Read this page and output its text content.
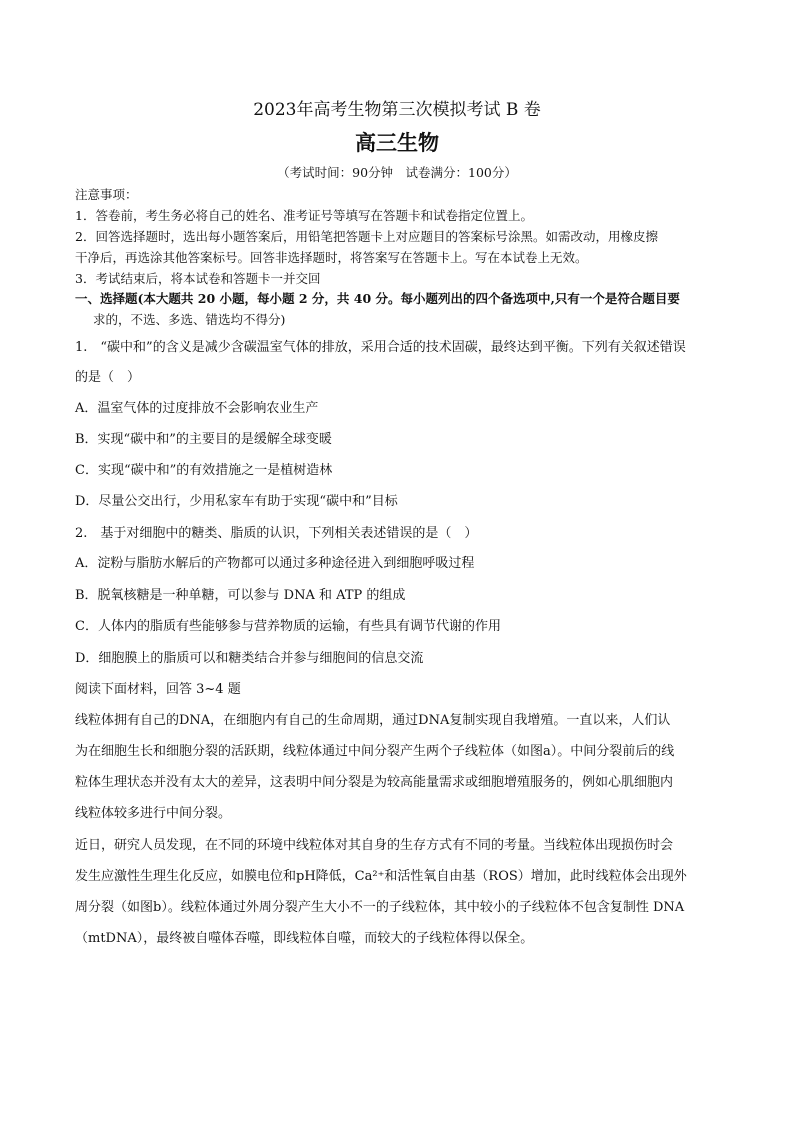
2023年高考生物第三次模拟考试 B 卷
高三生物
（考试时间：90分钟　试卷满分：100分）
注意事项：
1．答卷前，考生务必将自己的姓名、准考证号等填写在答题卡和试卷指定位置上。
2．回答选择题时，选出每小题答案后，用铅笔把答题卡上对应题目的答案标号涂黑。如需改动，用橡皮擦
干净后，再选涂其他答案标号。回答非选择题时，将答案写在答题卡上。写在本试卷上无效。
3．考试结束后，将本试卷和答题卡一并交回
一、选择题(本大题共 20 小题，每小题 2 分，共 40 分。每小题列出的四个备选项中,只有一个是符合题目要
求的，不选、多选、错选均不得分)
1.　“碳中和”的含义是减少含碳温室气体的排放，采用合适的技术固碳，最终达到平衡。下列有关叙述错误
的是（　）
A．温室气体的过度排放不会影响农业生产
B．实现“碳中和”的主要目的是缓解全球变暖
C．实现“碳中和”的有效措施之一是植树造林
D．尽量公交出行，少用私家车有助于实现“碳中和”目标
2.　基于对细胞中的糖类、脂质的认识，下列相关表述错误的是（　）
A．淀粉与脂肪水解后的产物都可以通过多种途径进入到细胞呼吸过程
B．脱氧核糖是一种单糖，可以参与 DNA 和 ATP 的组成
C．人体内的脂质有些能够参与营养物质的运输，有些具有调节代谢的作用
D．细胞膜上的脂质可以和糖类结合并参与细胞间的信息交流
阅读下面材料，回答 3~4 题
线粒体拥有自己的DNA，在细胞内有自己的生命周期，通过DNA复制实现自我增殖。一直以来，人们认
为在细胞生长和细胞分裂的活跃期，线粒体通过中间分裂产生两个子线粒体（如图a）。中间分裂前后的线
粒体生理状态并没有太大的差异，这表明中间分裂是为较高能量需求或细胞增殖服务的，例如心肌细胞内
线粒体较多进行中间分裂。
近日，研究人员发现，在不同的环境中线粒体对其自身的生存方式有不同的考量。当线粒体出现损伤时会
发生应激性生理生化反应，如膜电位和pH降低，Ca²⁺和活性氧自由基（ROS）增加，此时线粒体会出现外
周分裂（如图b）。线粒体通过外周分裂产生大小不一的子线粒体，其中较小的子线粒体不包含复制性 DNA
（mtDNA），最终被自噬体吞噬，即线粒体自噬，而较大的子线粒体得以保全。
